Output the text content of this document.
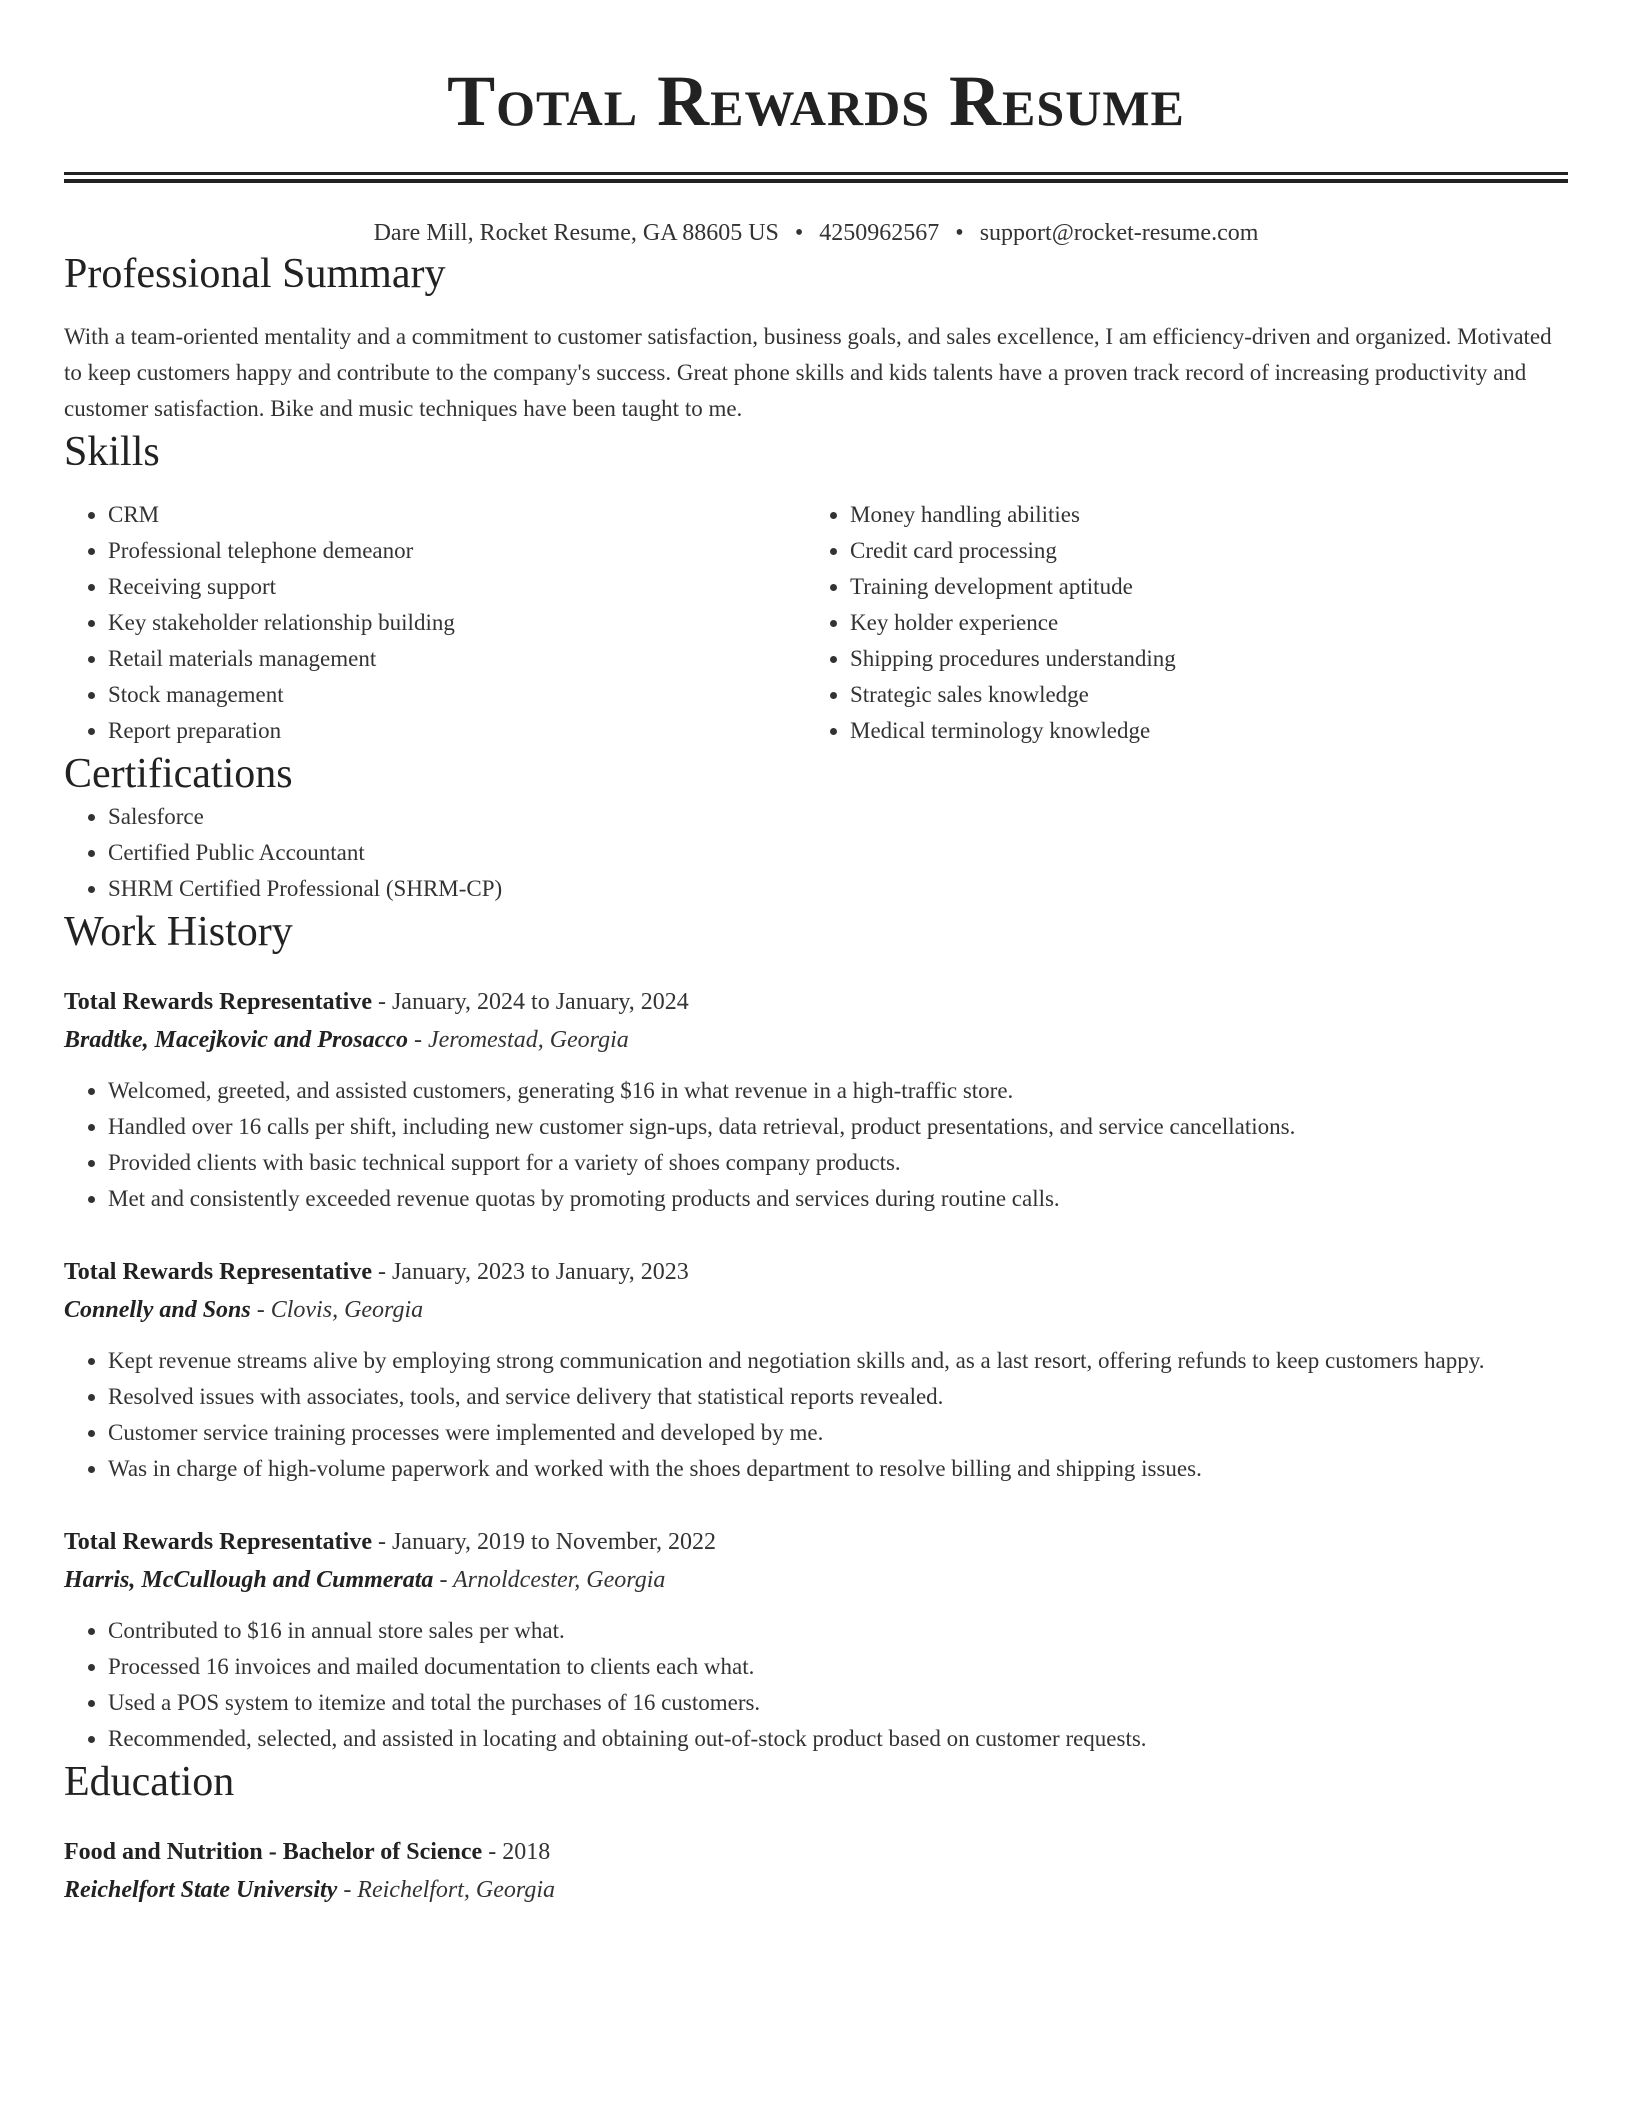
Total Rewards Resume
Dare Mill, Rocket Resume, GA 88605 US • 4250962567 • support@rocket-resume.com
Professional Summary
With a team-oriented mentality and a commitment to customer satisfaction, business goals, and sales excellence, I am efficiency-driven and organized. Motivated to keep customers happy and contribute to the company's success. Great phone skills and kids talents have a proven track record of increasing productivity and customer satisfaction. Bike and music techniques have been taught to me.
Skills
• CRM
• Professional telephone demeanor
• Receiving support
• Key stakeholder relationship building
• Retail materials management
• Stock management
• Report preparation
• Money handling abilities
• Credit card processing
• Training development aptitude
• Key holder experience
• Shipping procedures understanding
• Strategic sales knowledge
• Medical terminology knowledge
Certifications
• Salesforce
• Certified Public Accountant
• SHRM Certified Professional (SHRM-CP)
Work History
Total Rewards Representative - January, 2024 to January, 2024
Bradtke, Macejkovic and Prosacco - Jeromestad, Georgia
• Welcomed, greeted, and assisted customers, generating $16 in what revenue in a high-traffic store.
• Handled over 16 calls per shift, including new customer sign-ups, data retrieval, product presentations, and service cancellations.
• Provided clients with basic technical support for a variety of shoes company products.
• Met and consistently exceeded revenue quotas by promoting products and services during routine calls.
Total Rewards Representative - January, 2023 to January, 2023
Connelly and Sons - Clovis, Georgia
• Kept revenue streams alive by employing strong communication and negotiation skills and, as a last resort, offering refunds to keep customers happy.
• Resolved issues with associates, tools, and service delivery that statistical reports revealed.
• Customer service training processes were implemented and developed by me.
• Was in charge of high-volume paperwork and worked with the shoes department to resolve billing and shipping issues.
Total Rewards Representative - January, 2019 to November, 2022
Harris, McCullough and Cummerata - Arnoldcester, Georgia
• Contributed to $16 in annual store sales per what.
• Processed 16 invoices and mailed documentation to clients each what.
• Used a POS system to itemize and total the purchases of 16 customers.
• Recommended, selected, and assisted in locating and obtaining out-of-stock product based on customer requests.
Education
Food and Nutrition - Bachelor of Science - 2018
Reichelfort State University - Reichelfort, Georgia
